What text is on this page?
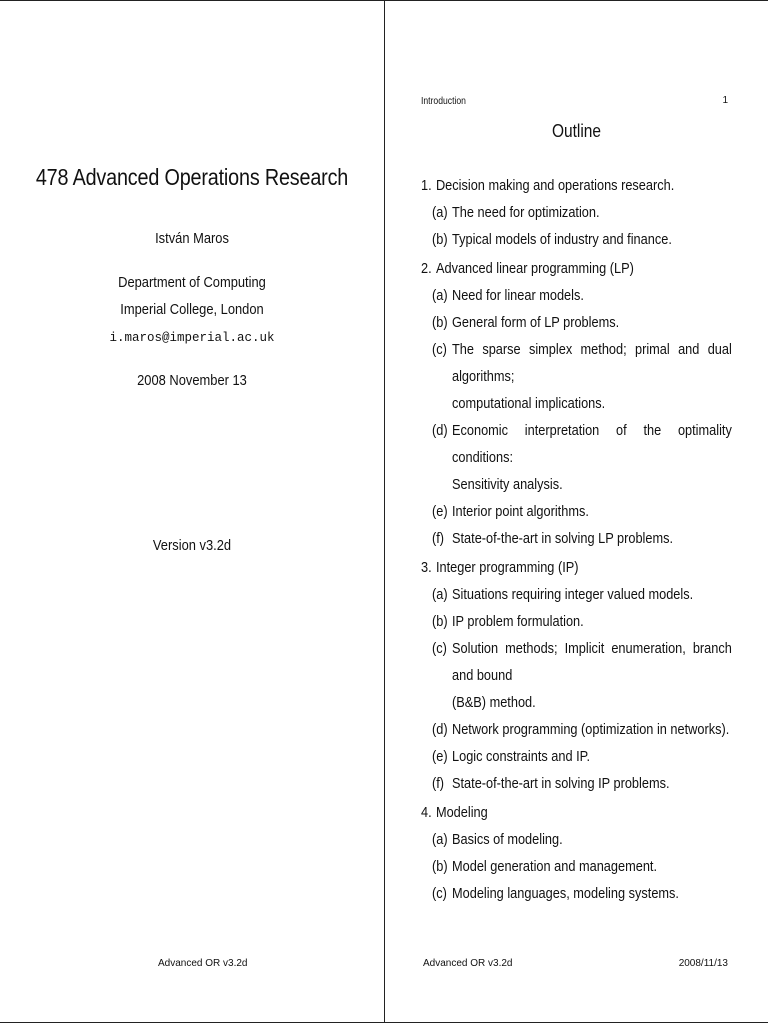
478 Advanced Operations Research
István Maros
Department of Computing
Imperial College, London
i.maros@imperial.ac.uk
2008 November 13
Version v3.2d
Advanced OR v3.2d
Introduction	1
Outline
1. Decision making and operations research.
(a) The need for optimization.
(b) Typical models of industry and finance.
2. Advanced linear programming (LP)
(a) Need for linear models.
(b) General form of LP problems.
(c) The sparse simplex method; primal and dual algorithms;
computational implications.
(d) Economic interpretation of the optimality conditions:
Sensitivity analysis.
(e) Interior point algorithms.
(f) State-of-the-art in solving LP problems.
3. Integer programming (IP)
(a) Situations requiring integer valued models.
(b) IP problem formulation.
(c) Solution methods; Implicit enumeration, branch and bound
(B&B) method.
(d) Network programming (optimization in networks).
(e) Logic constraints and IP.
(f) State-of-the-art in solving IP problems.
4. Modeling
(a) Basics of modeling.
(b) Model generation and management.
(c) Modeling languages, modeling systems.
Advanced OR v3.2d	2008/11/13
